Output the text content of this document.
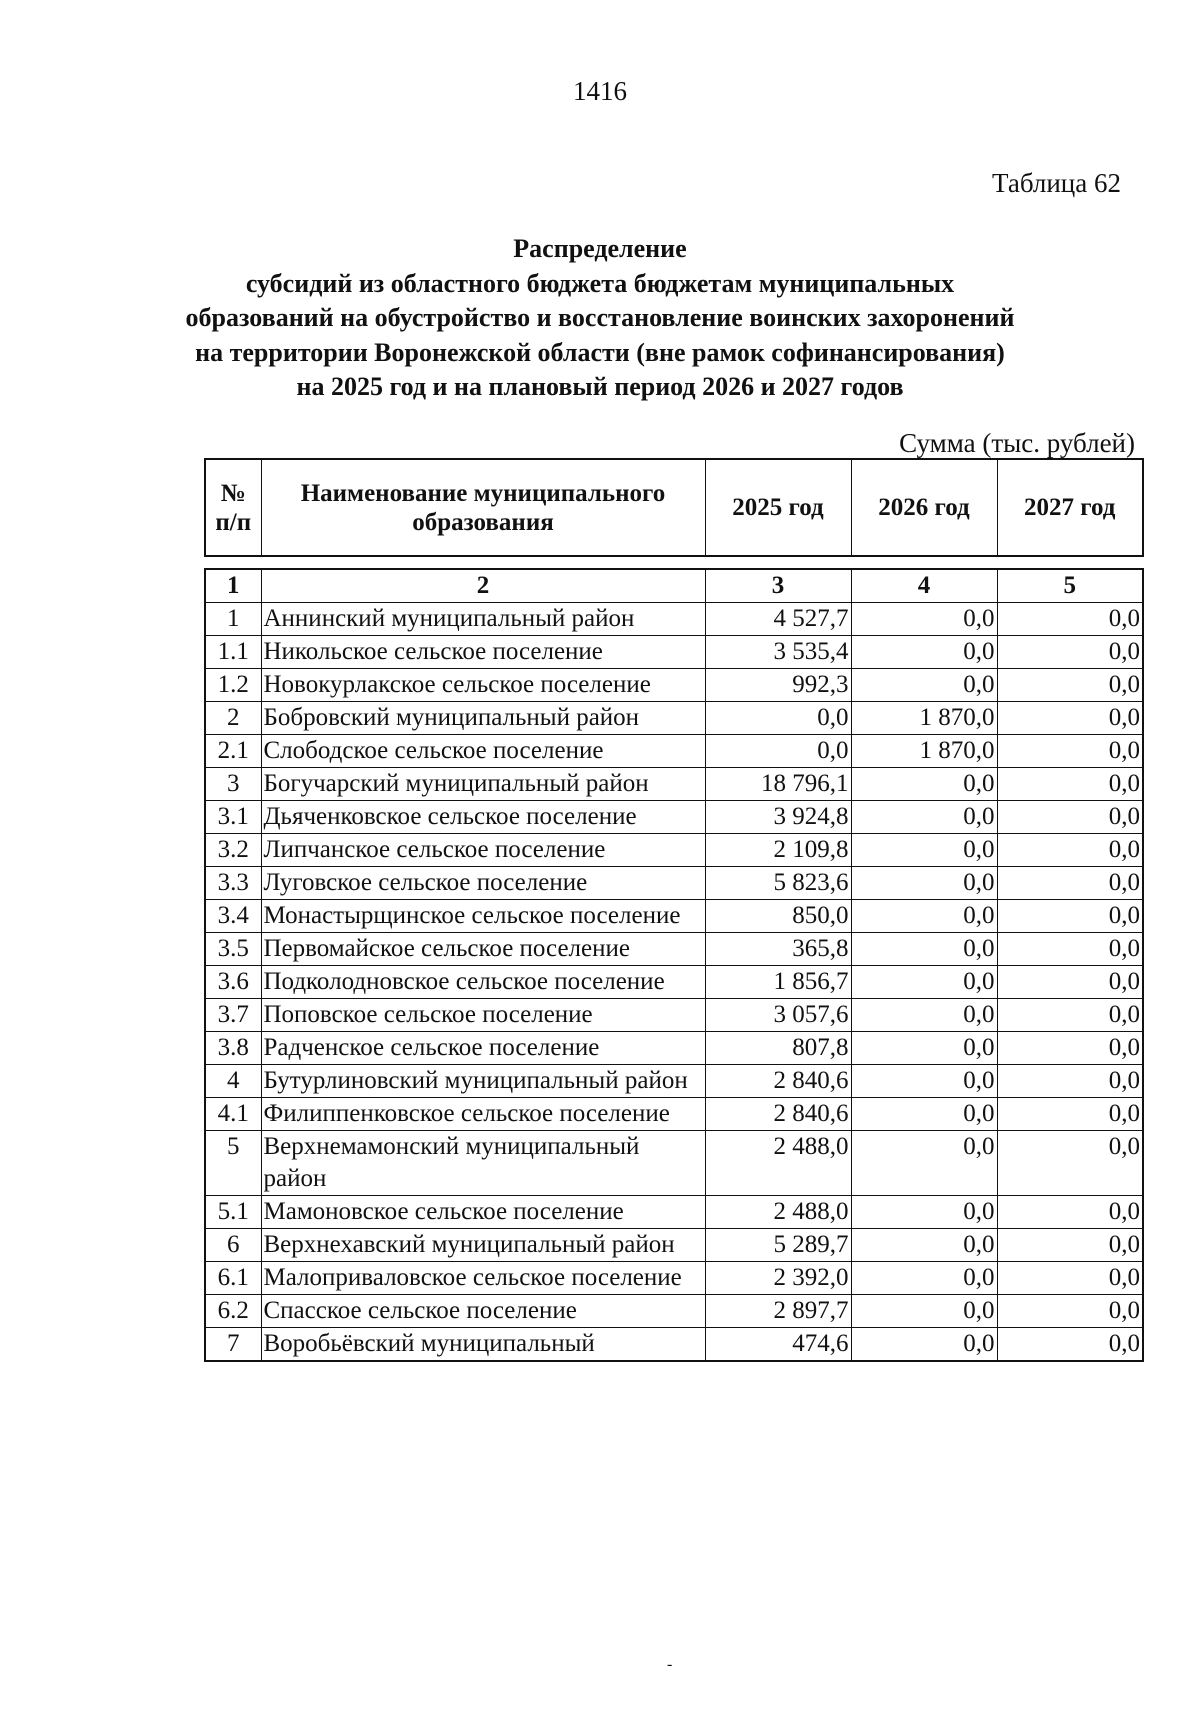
1416
Таблица 62
Распределение
субсидий из областного бюджета бюджетам муниципальных
образований на обустройство и восстановление воинских захоронений
на территории Воронежской области (вне рамок софинансирования)
на 2025 год и на плановый период 2026 и 2027 годов
Сумма (тыс. рублей)
№ п/п	Наименование муниципального образования	2025 год	2026 год	2027 год
1	2	3	4	5
1	Аннинский муниципальный район	4 527,7	0,0	0,0
1.1	Никольское сельское поселение	3 535,4	0,0	0,0
1.2	Новокурлакское сельское поселение	992,3	0,0	0,0
2	Бобровский муниципальный район	0,0	1 870,0	0,0
2.1	Слободское сельское поселение	0,0	1 870,0	0,0
3	Богучарский муниципальный район	18 796,1	0,0	0,0
3.1	Дьяченковское сельское поселение	3 924,8	0,0	0,0
3.2	Липчанское сельское поселение	2 109,8	0,0	0,0
3.3	Луговское сельское поселение	5 823,6	0,0	0,0
3.4	Монастырщинское сельское поселение	850,0	0,0	0,0
3.5	Первомайское сельское поселение	365,8	0,0	0,0
3.6	Подколодновское сельское поселение	1 856,7	0,0	0,0
3.7	Поповское сельское поселение	3 057,6	0,0	0,0
3.8	Радченское сельское поселение	807,8	0,0	0,0
4	Бутурлиновский муниципальный район	2 840,6	0,0	0,0
4.1	Филиппенковское сельское поселение	2 840,6	0,0	0,0
5	Верхнемамонский муниципальный район	2 488,0	0,0	0,0
5.1	Мамоновское сельское поселение	2 488,0	0,0	0,0
6	Верхнехавский муниципальный район	5 289,7	0,0	0,0
6.1	Малоприваловское сельское поселение	2 392,0	0,0	0,0
6.2	Спасское сельское поселение	2 897,7	0,0	0,0
7	Воробьёвский муниципальный	474,6	0,0	0,0
-
